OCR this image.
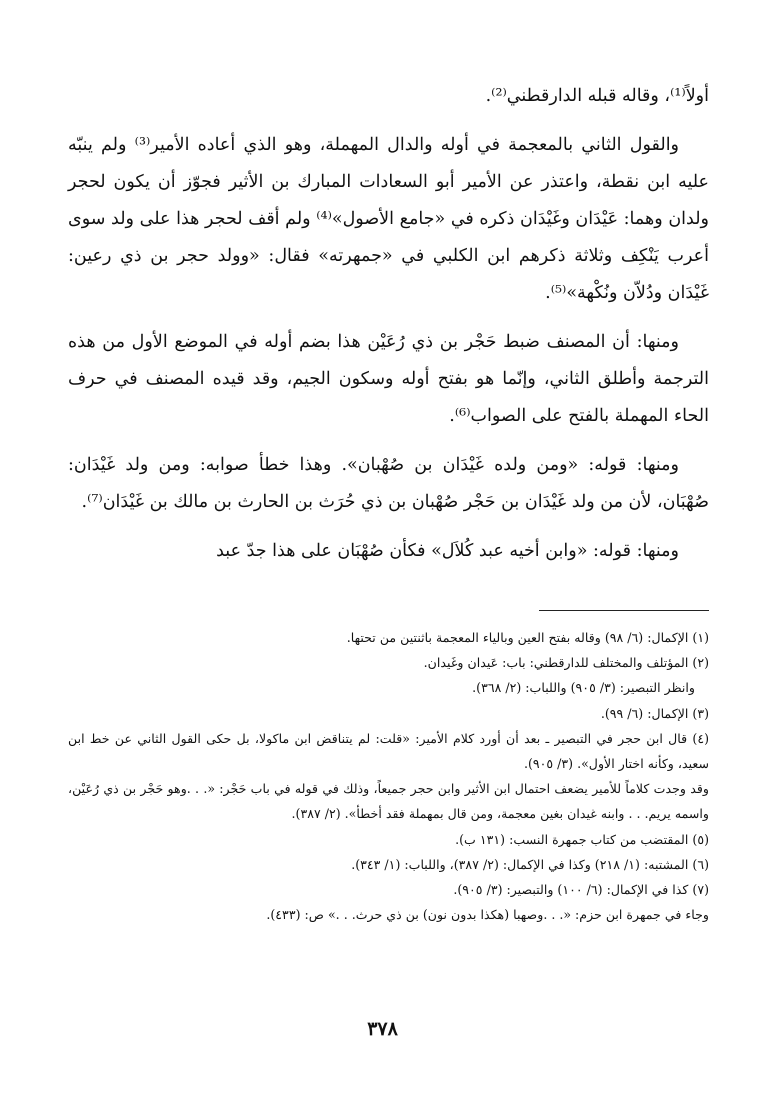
أولاً⁽¹⁾، وقاله قبله الدارقطني⁽²⁾.

والقول الثاني بالمعجمة في أوله والدال المهملة، وهو الذي أعاده الأمير⁽³⁾ ولم ينبّه عليه ابن نقطة، واعتذر عن الأمير أبو السعادات المبارك بن الأثير فجوّز أن يكون لحجر ولدان وهما: عَيْدَان وغَيْدَان ذكره في «جامع الأصول»⁽⁴⁾ ولم أقف لحجر هذا على ولد سوى أعرب يَنْكِف وثلاثة ذكرهم ابن الكلبي في «جمهرته» فقال: «وولد حجر بن ذي رعين: غَيْدَان ودُلاّن ونُكْهة»⁽⁵⁾.

ومنها: أن المصنف ضبط حَجْر بن ذي رُعَيْن هذا بضم أوله في الموضع الأول من هذه الترجمة وأطلق الثاني، وإنّما هو بفتح أوله وسكون الجيم، وقد قيده المصنف في حرف الحاء المهملة بالفتح على الصواب⁽⁶⁾.

ومنها: قوله: «ومن ولده غَيْدَان بن صُهْبان». وهذا خطأ صوابه: ومن ولد غَيْدَان: صُهْبَان، لأن من ولد غَيْدَان بن حَجْر صُهْبان بن ذي حُرَث بن الحارث بن مالك بن غَيْدَان⁽⁷⁾.

ومنها: قوله: «وابن أخيه عبد كُلاَل» فكأن صُهْبَان على هذا جدّ عبد

(١) الإكمال: (٦/ ٩٨) وقاله بفتح العين وبالياء المعجمة باثنتين من تحتها.

(٢) المؤتلف والمختلف للدارقطني: باب: عَيدان وغَيدان.

وانظر التبصير: (٣/ ٩٠٥) واللباب: (٢/ ٣٦٨).

(٣) الإكمال: (٦/ ٩٩).

(٤) قال ابن حجر في التبصير ـ بعد أن أورد كلام الأمير: «قلت: لم يتناقض ابن ماكولا، بل حكى القول الثاني عن خط ابن سعيد، وكأنه اختار الأول». (٣/ ٩٠٥).

وقد وجدت كلاماً للأمير يضعف احتمال ابن الأثير وابن حجر جميعاً، وذلك في قوله في باب حَجْر: «. . .وهو حَجْر بن ذي رُعَيْن، واسمه يريم. . . وابنه غيدان بغين معجمة، ومن قال بمهملة فقد أخطأ». (٢/ ٣٨٧).

(٥) المقتضب من كتاب جمهرة النسب: (١٣١ ب).

(٦) المشتبه: (١/ ٢١٨) وكذا في الإكمال: (٢/ ٣٨٧)، واللباب: (١/ ٣٤٣).

(٧) كذا في الإكمال: (٦/ ١٠٠) والتبصير: (٣/ ٩٠٥).

وجاء في جمهرة ابن حزم: «. . .وصهبا (هكذا بدون نون) بن ذي حرث. . .» ص: (٤٣٣).

٣٧٨
